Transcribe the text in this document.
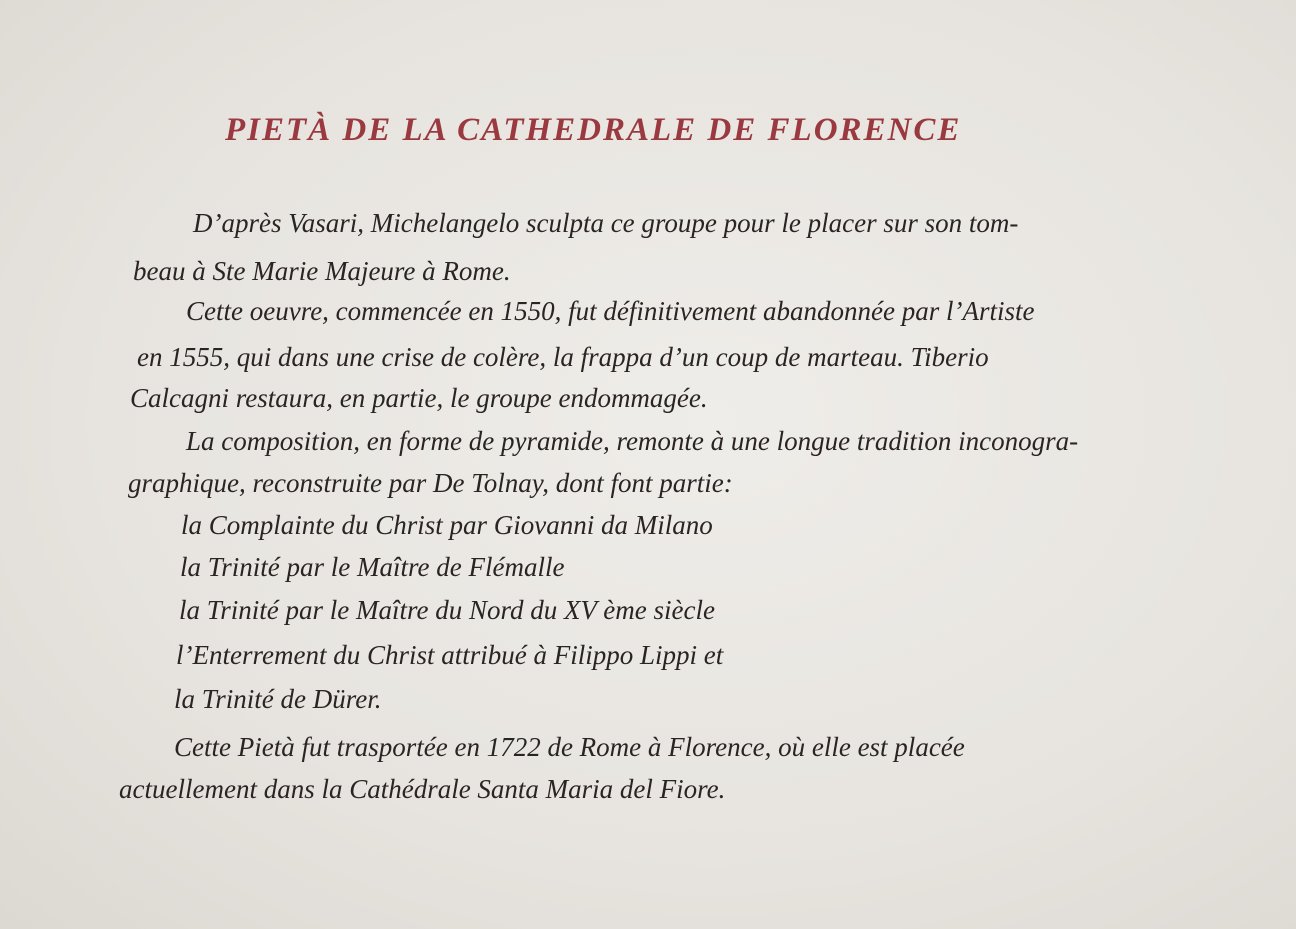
PIETÀ DE LA CATHEDRALE DE FLORENCE
D’après Vasari, Michelangelo sculpta ce groupe pour le placer sur son tom-
beau à Ste Marie Majeure à Rome.
Cette oeuvre, commencée en 1550, fut définitivement abandonnée par l’Artiste
en 1555, qui dans une crise de colère, la frappa d’un coup de marteau. Tiberio
Calcagni restaura, en partie, le groupe endommagée.
La composition, en forme de pyramide, remonte à une longue tradition inconogra-
graphique, reconstruite par De Tolnay, dont font partie:
la Complainte du Christ par Giovanni da Milano
la Trinité par le Maître de Flémalle
la Trinité par le Maître du Nord du XV ème siècle
l’Enterrement du Christ attribué à Filippo Lippi et
la Trinité de Dürer.
Cette Pietà fut trasportée en 1722 de Rome à Florence, où elle est placée
actuellement dans la Cathédrale Santa Maria del Fiore.
